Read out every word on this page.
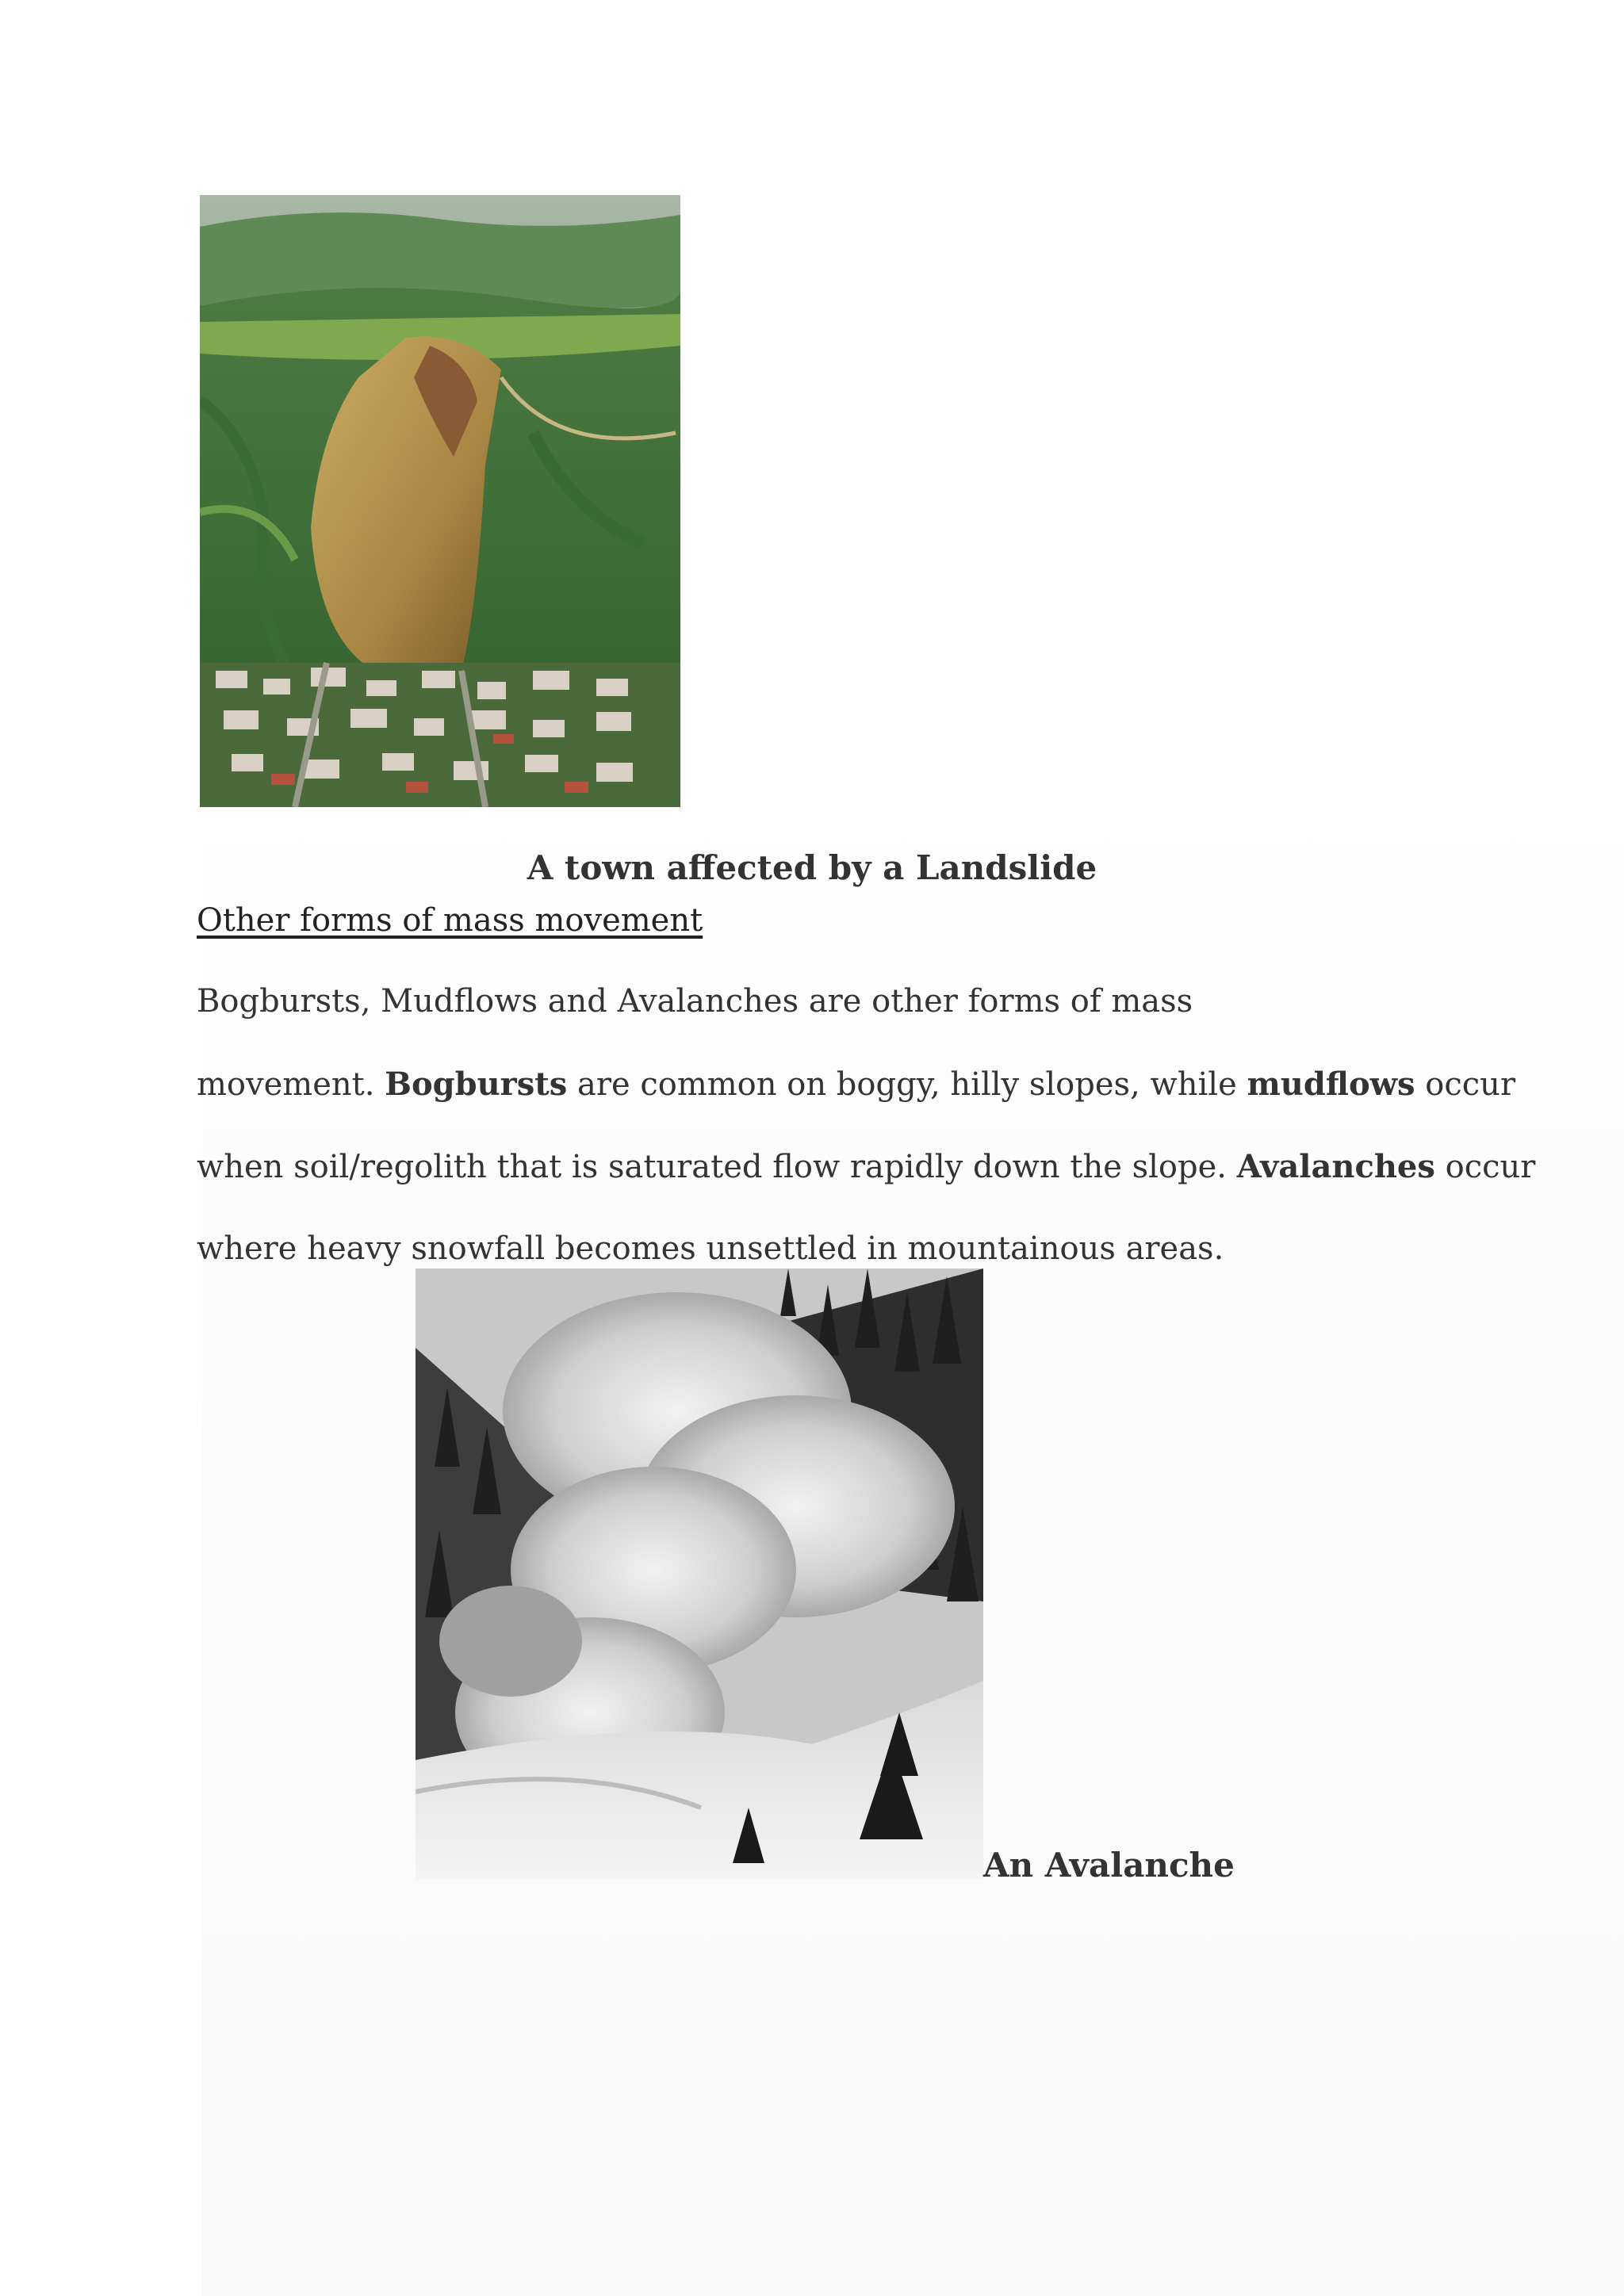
A town affected by a Landslide
Other forms of mass movement
Bogbursts, Mudflows and Avalanches are other forms of mass
movement. Bogbursts are common on boggy, hilly slopes, while mudflows occur
when soil/regolith that is saturated flow rapidly down the slope. Avalanches occur
where heavy snowfall becomes unsettled in mountainous areas.
An Avalanche
